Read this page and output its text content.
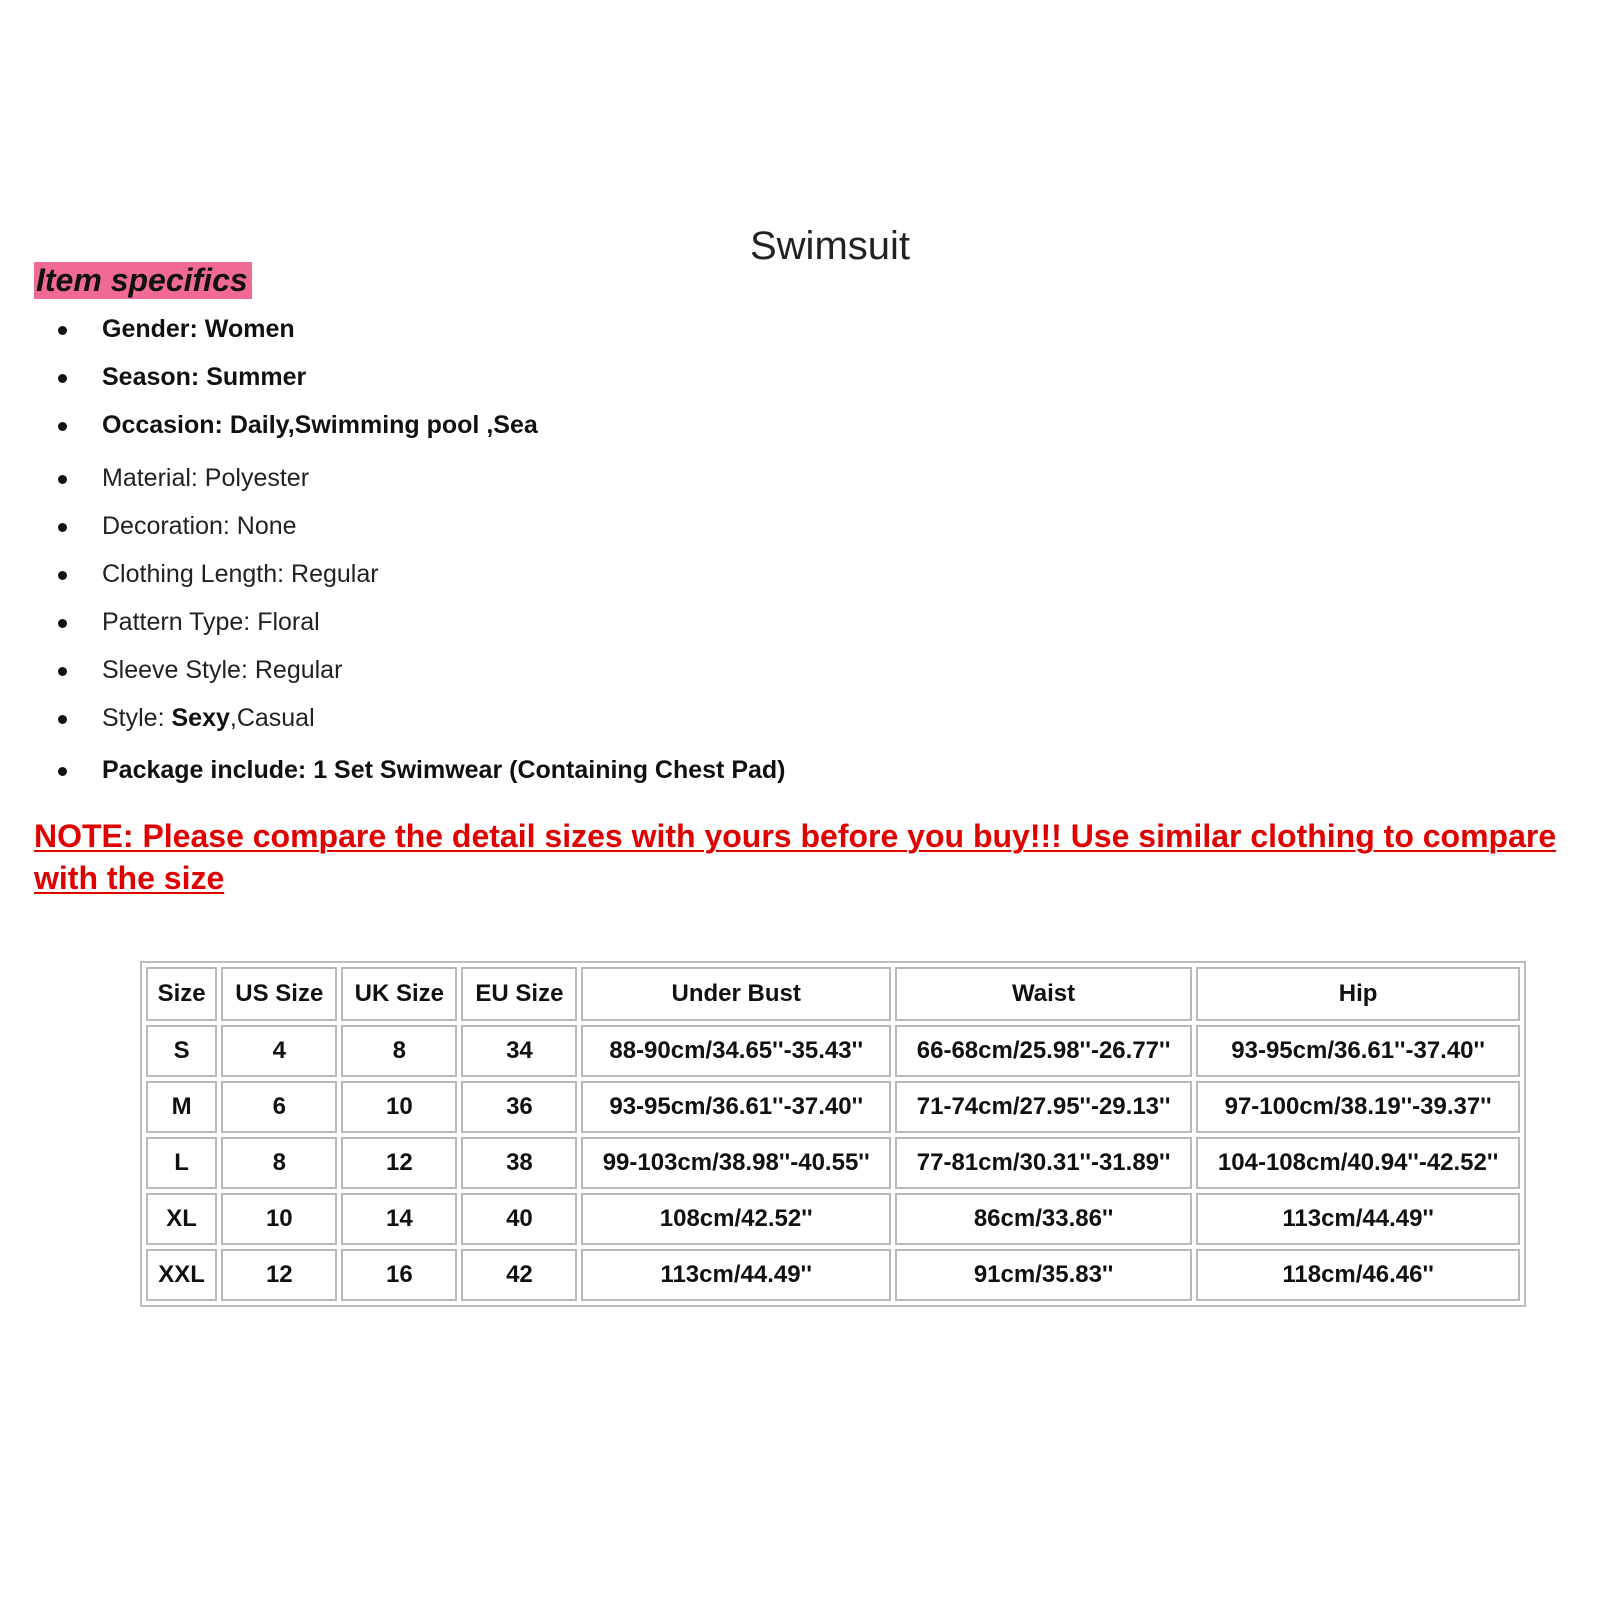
Swimsuit
Item specifics
Gender: Women
Season: Summer
Occasion: Daily,Swimming pool ,Sea
Material: Polyester
Decoration: None
Clothing Length: Regular
Pattern Type: Floral
Sleeve Style: Regular
Style: Sexy,Casual
Package include: 1 Set Swimwear (Containing Chest Pad)
NOTE: Please compare the detail sizes with yours before you buy!!! Use similar clothing to compare with the size
Size	US Size	UK Size	EU Size	Under Bust	Waist	Hip
S	4	8	34	88-90cm/34.65''-35.43''	66-68cm/25.98''-26.77''	93-95cm/36.61''-37.40''
M	6	10	36	93-95cm/36.61''-37.40''	71-74cm/27.95''-29.13''	97-100cm/38.19''-39.37''
L	8	12	38	99-103cm/38.98''-40.55''	77-81cm/30.31''-31.89''	104-108cm/40.94''-42.52''
XL	10	14	40	108cm/42.52''	86cm/33.86''	113cm/44.49''
XXL	12	16	42	113cm/44.49''	91cm/35.83''	118cm/46.46''
